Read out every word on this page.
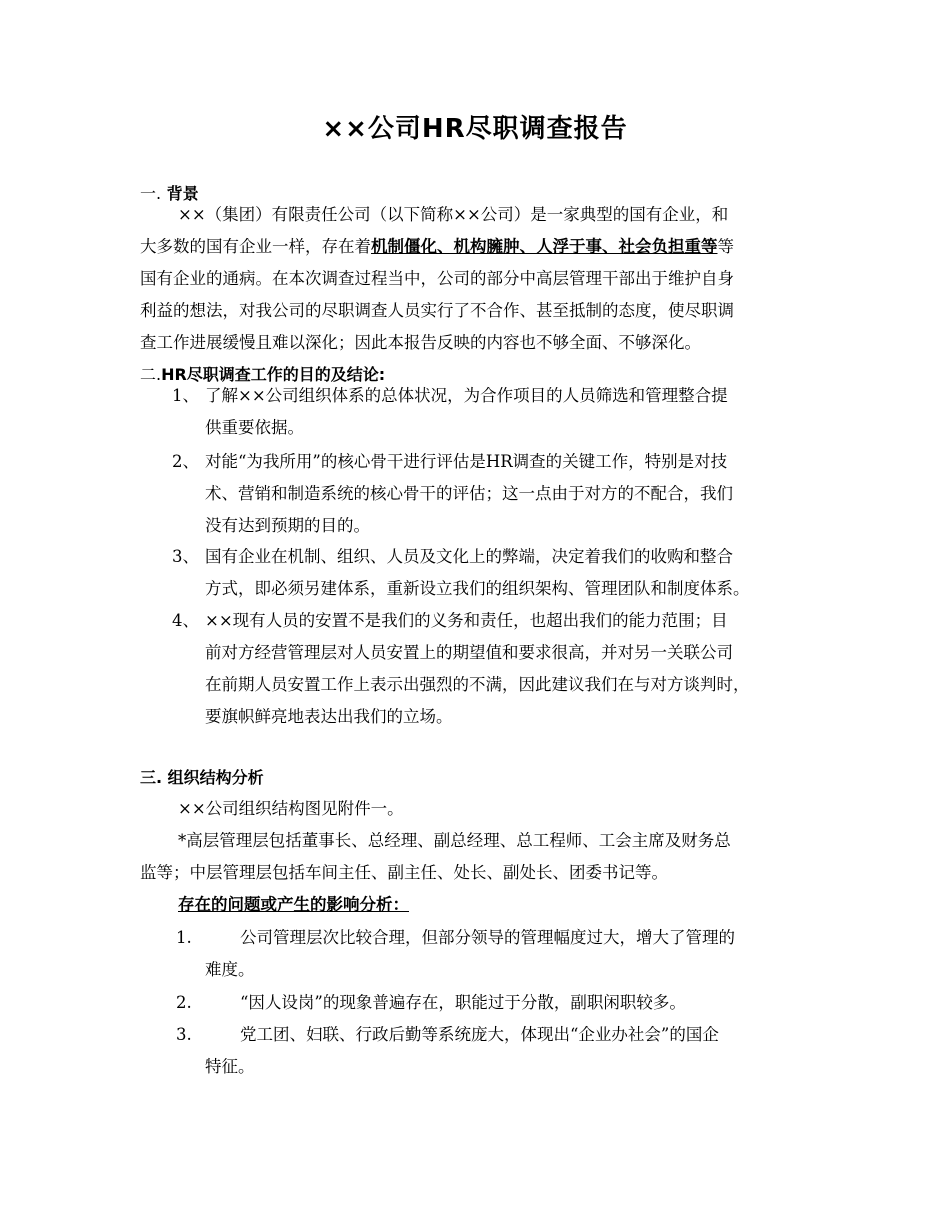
××公司HR尽职调查报告
一. 背景
××（集团）有限责任公司（以下简称××公司）是一家典型的国有企业，和
大多数的国有企业一样，存在着机制僵化、机构臃肿、人浮于事、社会负担重等等
国有企业的通病。在本次调查过程当中，公司的部分中高层管理干部出于维护自身
利益的想法，对我公司的尽职调查人员实行了不合作、甚至抵制的态度，使尽职调
查工作进展缓慢且难以深化；因此本报告反映的内容也不够全面、不够深化。
二.HR尽职调查工作的目的及结论:
1、 了解××公司组织体系的总体状况，为合作项目的人员筛选和管理整合提
供重要依据。
2、 对能“为我所用”的核心骨干进行评估是HR调查的关键工作，特别是对技
术、营销和制造系统的核心骨干的评估；这一点由于对方的不配合，我们
没有达到预期的目的。
3、 国有企业在机制、组织、人员及文化上的弊端，决定着我们的收购和整合
方式，即必须另建体系，重新设立我们的组织架构、管理团队和制度体系。
4、 ××现有人员的安置不是我们的义务和责任，也超出我们的能力范围；目
前对方经营管理层对人员安置上的期望值和要求很高，并对另一关联公司
在前期人员安置工作上表示出强烈的不满，因此建议我们在与对方谈判时，
要旗帜鲜亮地表达出我们的立场。
三. 组织结构分析
××公司组织结构图见附件一。
*高层管理层包括董事长、总经理、副总经理、总工程师、工会主席及财务总
监等；中层管理层包括车间主任、副主任、处长、副处长、团委书记等。
存在的问题或产生的影响分析：
1.	公司管理层次比较合理，但部分领导的管理幅度过大，增大了管理的
难度。
2.	“因人设岗”的现象普遍存在，职能过于分散，副职闲职较多。
3.	党工团、妇联、行政后勤等系统庞大，体现出“企业办社会”的国企
特征。
